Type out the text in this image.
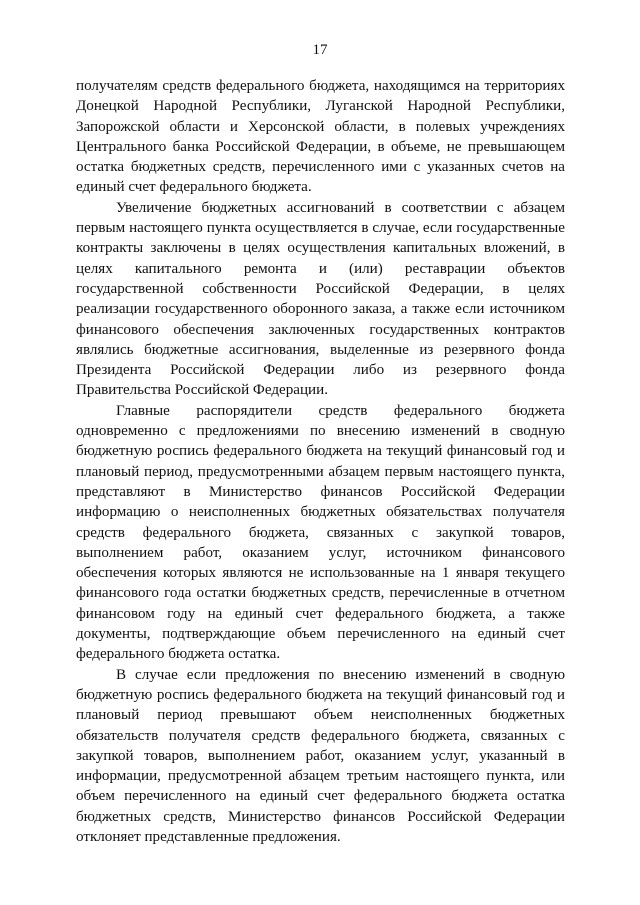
17

получателям средств федерального бюджета, находящимся на территориях Донецкой Народной Республики, Луганской Народной Республики, Запорожской области и Херсонской области, в полевых учреждениях Центрального банка Российской Федерации, в объеме, не превышающем остатка бюджетных средств, перечисленного ими с указанных счетов на единый счет федерального бюджета.

Увеличение бюджетных ассигнований в соответствии с абзацем первым настоящего пункта осуществляется в случае, если государственные контракты заключены в целях осуществления капитальных вложений, в целях капитального ремонта и (или) реставрации объектов государственной собственности Российской Федерации, в целях реализации государственного оборонного заказа, а также если источником финансового обеспечения заключенных государственных контрактов являлись бюджетные ассигнования, выделенные из резервного фонда Президента Российской Федерации либо из резервного фонда Правительства Российской Федерации.

Главные распорядители средств федерального бюджета одновременно с предложениями по внесению изменений в сводную бюджетную роспись федерального бюджета на текущий финансовый год и плановый период, предусмотренными абзацем первым настоящего пункта, представляют в Министерство финансов Российской Федерации информацию о неисполненных бюджетных обязательствах получателя средств федерального бюджета, связанных с закупкой товаров, выполнением работ, оказанием услуг, источником финансового обеспечения которых являются не использованные на 1 января текущего финансового года остатки бюджетных средств, перечисленные в отчетном финансовом году на единый счет федерального бюджета, а также документы, подтверждающие объем перечисленного на единый счет федерального бюджета остатка.

В случае если предложения по внесению изменений в сводную бюджетную роспись федерального бюджета на текущий финансовый год и плановый период превышают объем неисполненных бюджетных обязательств получателя средств федерального бюджета, связанных с закупкой товаров, выполнением работ, оказанием услуг, указанный в информации, предусмотренной абзацем третьим настоящего пункта, или объем перечисленного на единый счет федерального бюджета остатка бюджетных средств, Министерство финансов Российской Федерации отклоняет представленные предложения.
